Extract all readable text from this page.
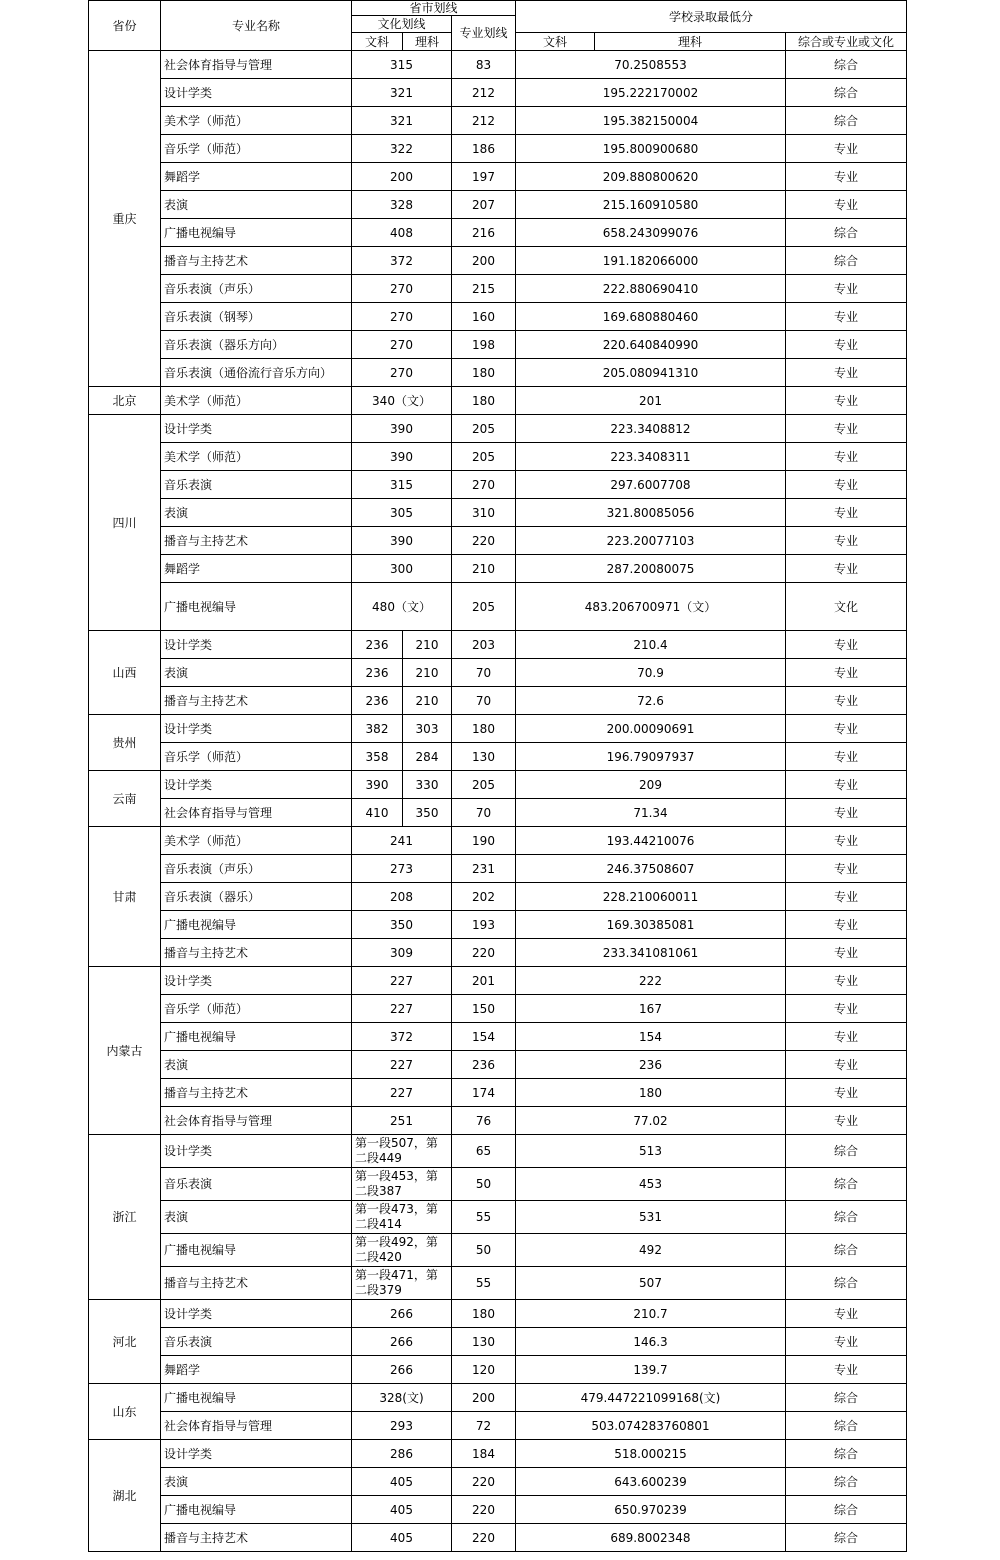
省份	专业名称	省市划线			学校录取最低分		
		文化划线		专业划线			
		文科	理科		文科	理科	综合或专业或文化
重庆	社会体育指导与管理	315		83	70.2508553		综合
	设计学类	321		212	195.222170002		综合
	美术学（师范）	321		212	195.382150004		综合
	音乐学（师范）	322		186	195.800900680		专业
	舞蹈学	200		197	209.880800620		专业
	表演	328		207	215.160910580		专业
	广播电视编导	408		216	658.243099076		综合
	播音与主持艺术	372		200	191.182066000		综合
	音乐表演（声乐）	270		215	222.880690410		专业
	音乐表演（钢琴）	270		160	169.680880460		专业
	音乐表演（器乐方向）	270		198	220.640840990		专业
	音乐表演（通俗流行音乐方向）	270		180	205.080941310		专业
北京	美术学（师范）	340（文）		180	201		专业
四川	设计学类	390		205	223.3408812		专业
	美术学（师范）	390		205	223.3408311		专业
	音乐表演	315		270	297.6007708		专业
	表演	305		310	321.80085056		专业
	播音与主持艺术	390		220	223.20077103		专业
	舞蹈学	300		210	287.20080075		专业
	广播电视编导	480（文）		205	483.206700971（文）		文化
山西	设计学类	236	210	203	210.4		专业
	表演	236	210	70	70.9		专业
	播音与主持艺术	236	210	70	72.6		专业
贵州	设计学类	382	303	180	200.00090691		专业
	音乐学（师范）	358	284	130	196.79097937		专业
云南	设计学类	390	330	205	209		专业
	社会体育指导与管理	410	350	70	71.34		专业
甘肃	美术学（师范）	241		190	193.44210076		专业
	音乐表演（声乐）	273		231	246.37508607		专业
	音乐表演（器乐）	208		202	228.210060011		专业
	广播电视编导	350		193	169.30385081		专业
	播音与主持艺术	309		220	233.341081061		专业
内蒙古	设计学类	227		201	222		专业
	音乐学（师范）	227		150	167		专业
	广播电视编导	372		154	154		专业
	表演	227		236	236		专业
	播音与主持艺术	227		174	180		专业
	社会体育指导与管理	251		76	77.02		专业
浙江	设计学类	第一段507，第二段449		65	513		综合
	音乐表演	第一段453，第二段387		50	453		综合
	表演	第一段473，第二段414		55	531		综合
	广播电视编导	第一段492，第二段420		50	492		综合
	播音与主持艺术	第一段471，第二段379		55	507		综合
河北	设计学类	266		180	210.7		专业
	音乐表演	266		130	146.3		专业
	舞蹈学	266		120	139.7		专业
山东	广播电视编导	328(文)		200	479.447221099168(文)		综合
	社会体育指导与管理	293		72	503.074283760801		综合
湖北	设计学类	286		184	518.000215		综合
	表演	405		220	643.600239		综合
	广播电视编导	405		220	650.970239		综合
	播音与主持艺术	405		220	689.8002348		综合
